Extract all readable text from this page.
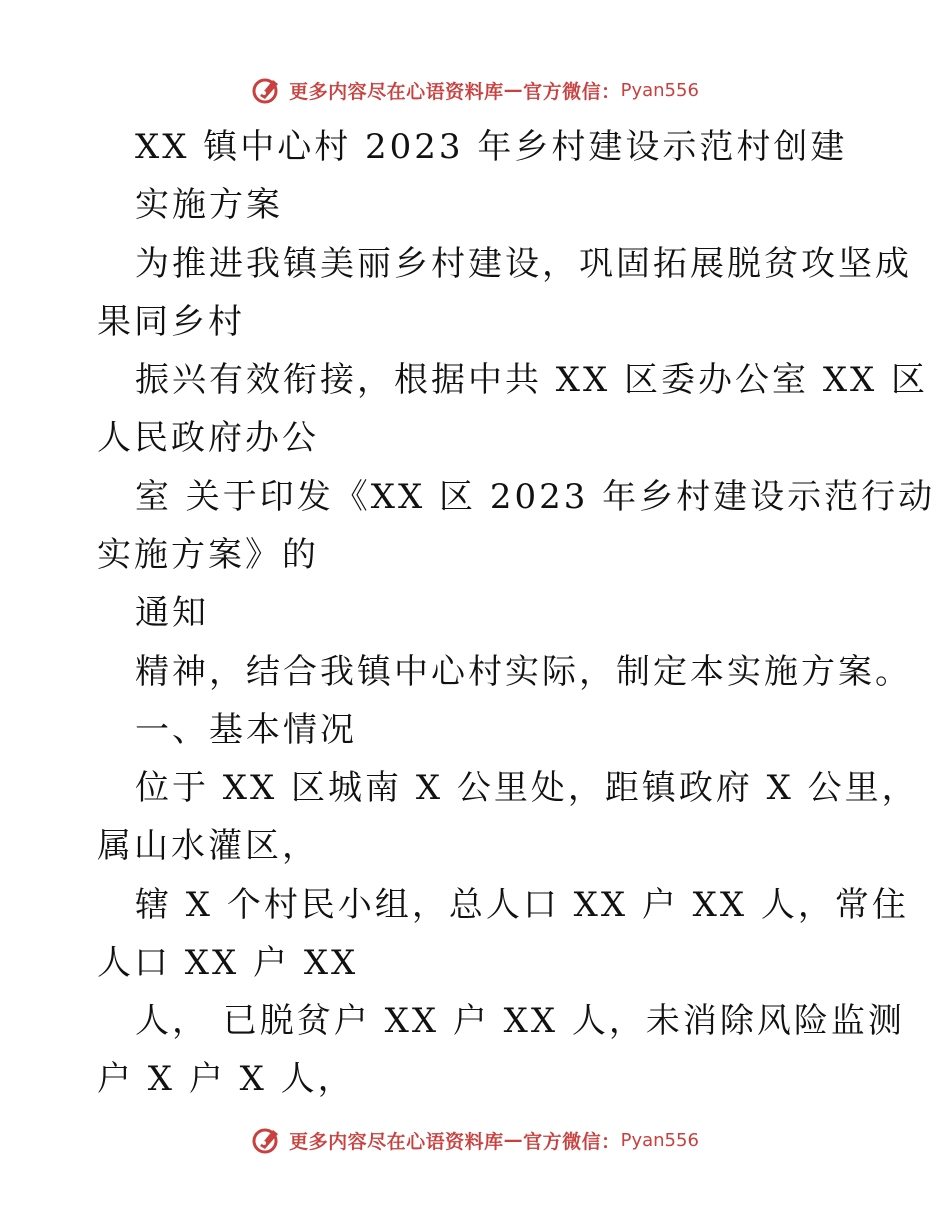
更多内容尽在心语资料库 — 官方微信： Pyan556
XX 镇中心村 2023 年乡村建设示范村创建
实施方案
为推进我镇美丽乡村建设，巩固拓展脱贫攻坚成
果同乡村
振兴有效衔接，根据中共 XX 区委办公室 XX 区
人民政府办公
室 关于印发《XX 区 2023 年乡村建设示范行动
实施方案》的
通知
精神，结合我镇中心村实际，制定本实施方案。
一、基本情况
位于 XX 区城南 X 公里处，距镇政府 X 公里，
属山水灌区，
辖 X 个村民小组，总人口 XX 户 XX 人，常住
人口 XX 户 XX
人， 已脱贫户 XX 户 XX 人，未消除风险监测
户 X 户 X 人，
更多内容尽在心语资料库 — 官方微信： Pyan556
